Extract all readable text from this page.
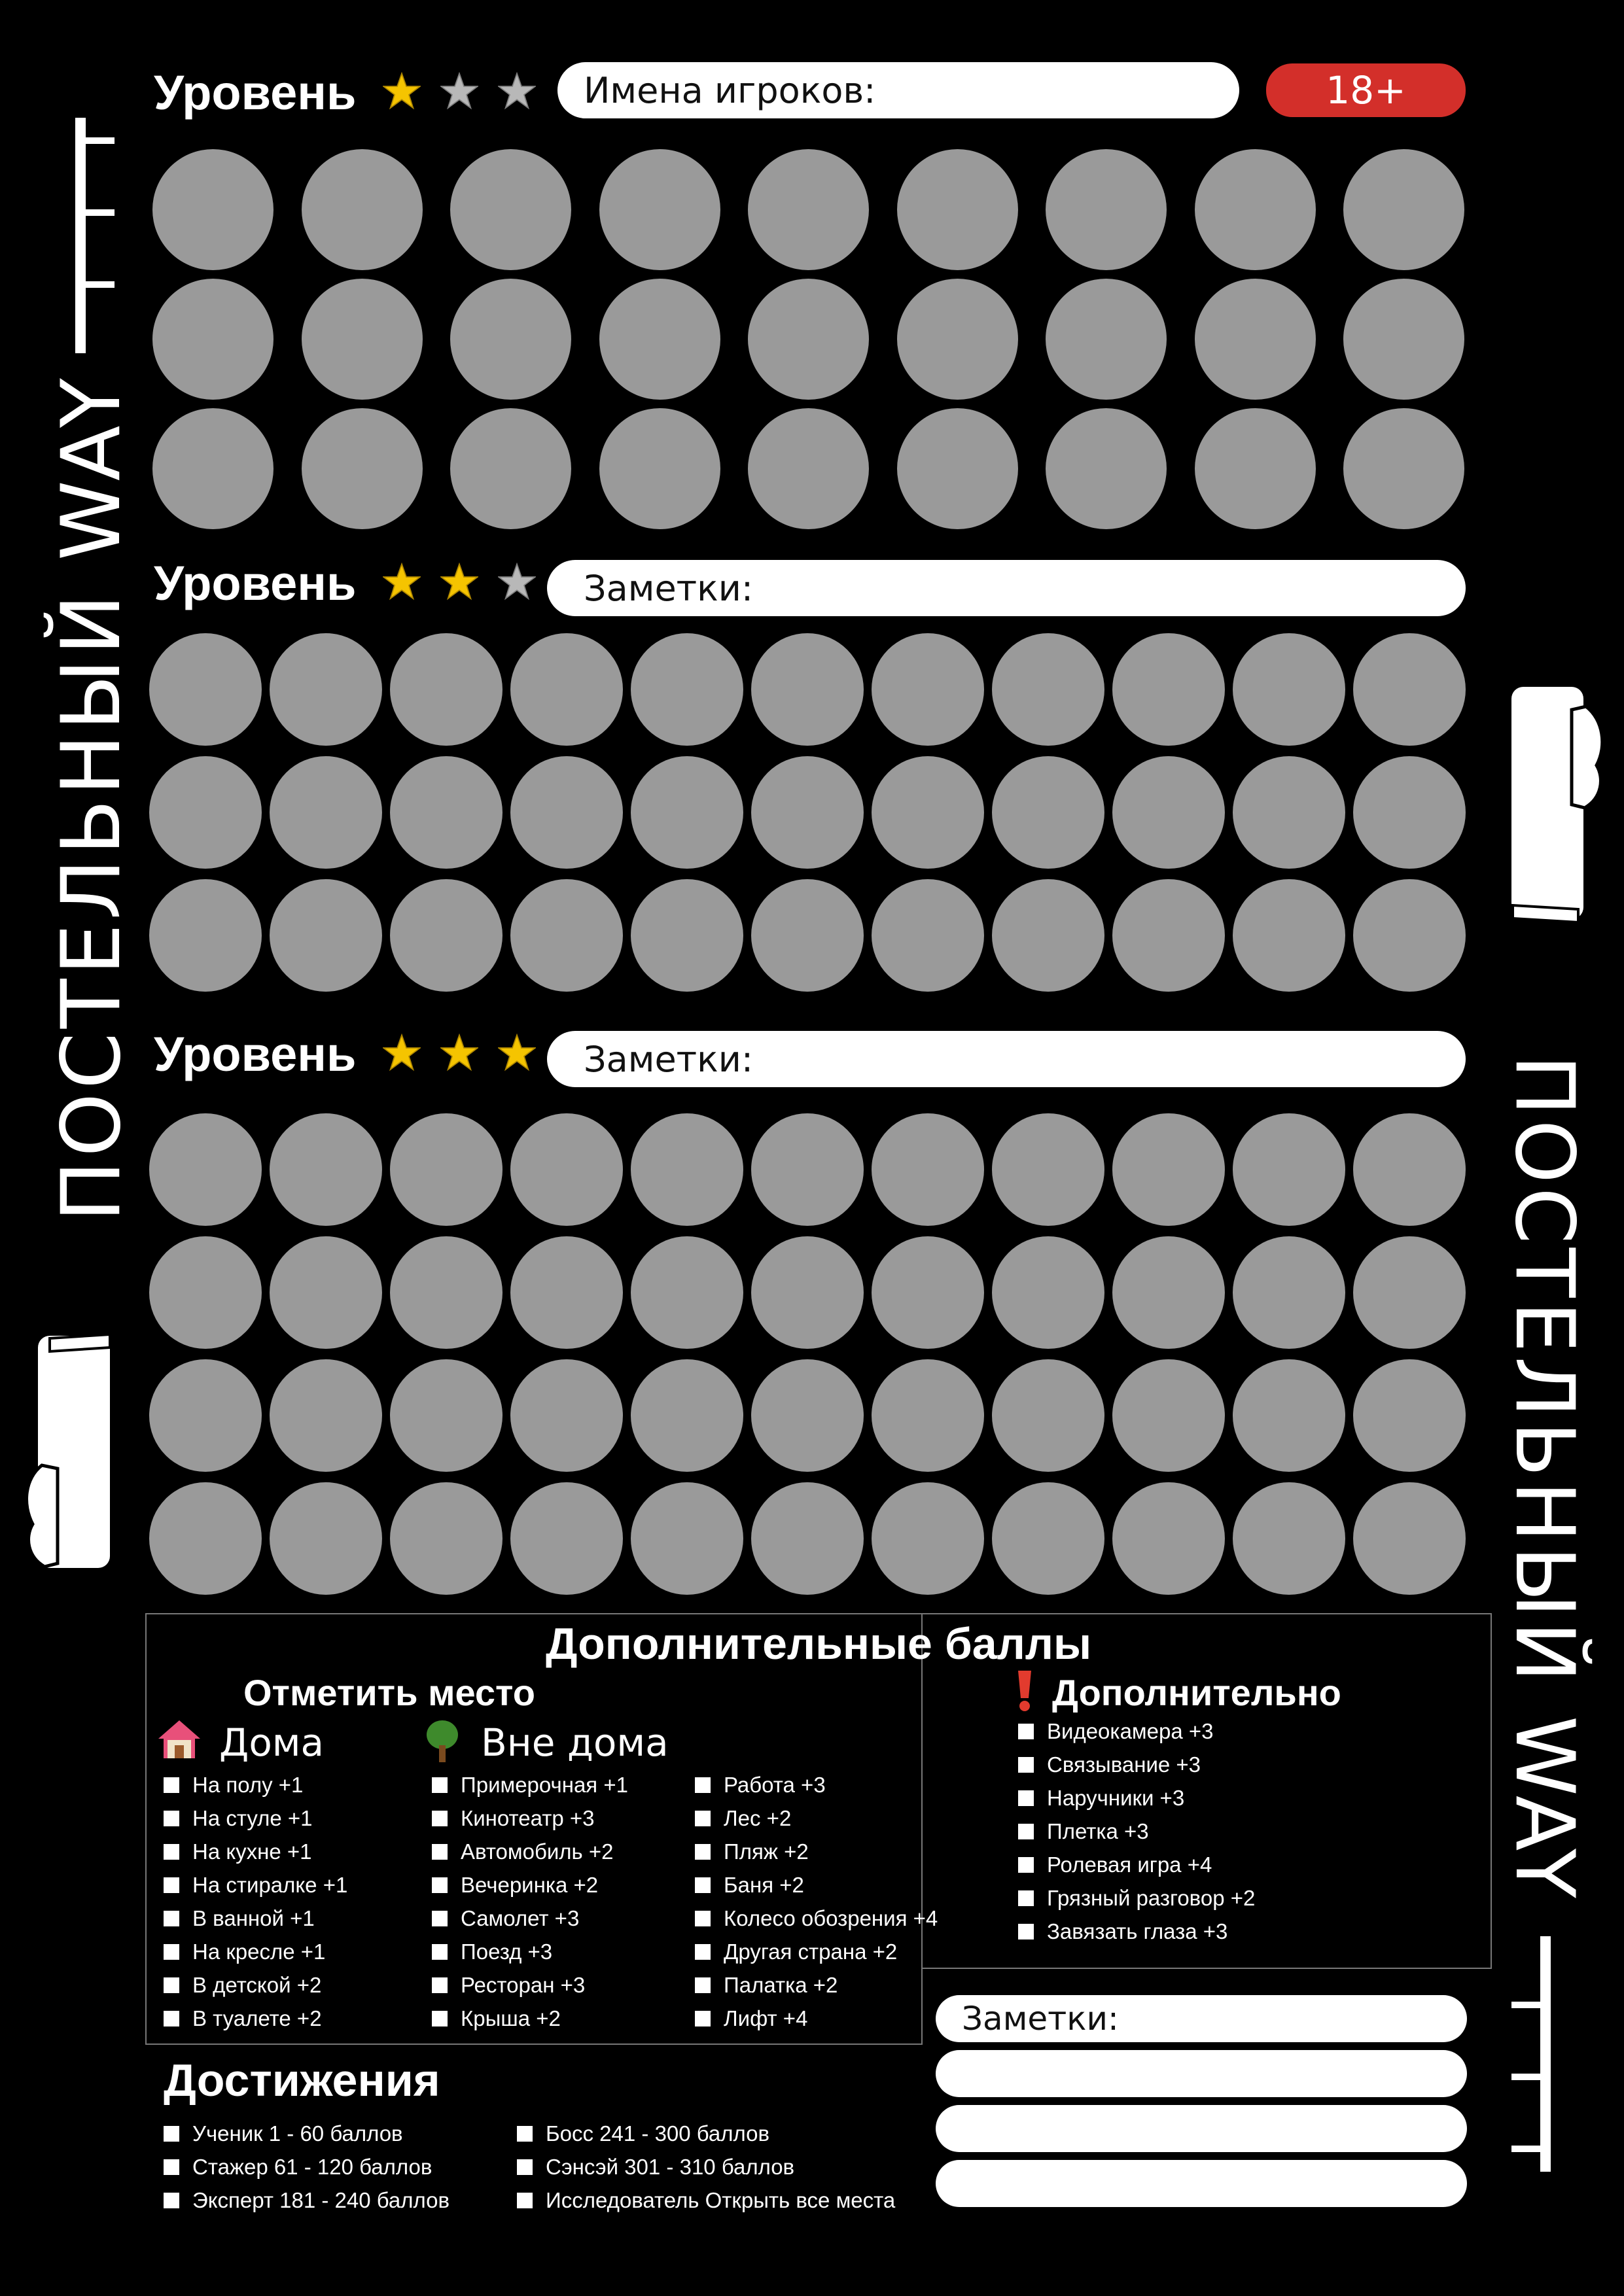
ПОСТЕЛЬНЫЙ WAY
ПОСТЕЛЬНЫЙ WAY
Уровень	Имена игроков:	18+
Уровень	Заметки:
Уровень	Заметки:
Дополнительные баллы
Отметить место
Дома	Вне дома
Дополнительно
На полу +1
На стуле +1
На кухне +1
На стиралке +1
В ванной +1
На кресле +1
В детской +2
В туалете +2
Примерочная +1
Кинотеатр +3
Автомобиль +2
Вечеринка +2
Самолет +3
Поезд +3
Ресторан +3
Крыша +2
Работа +3
Лес +2
Пляж +2
Баня +2
Колесо обозрения +4
Другая страна +2
Палатка +2
Лифт +4
Видеокамера +3
Связывание +3
Наручники +3
Плетка +3
Ролевая игра +4
Грязный разговор +2
Завязать глаза +3
Достижения
Ученик 1 - 60 баллов
Стажер 61 - 120 баллов
Эксперт 181 - 240 баллов
Босс 241 - 300 баллов
Сэнсэй 301 - 310 баллов
Исследователь Открыть все места
Заметки:
